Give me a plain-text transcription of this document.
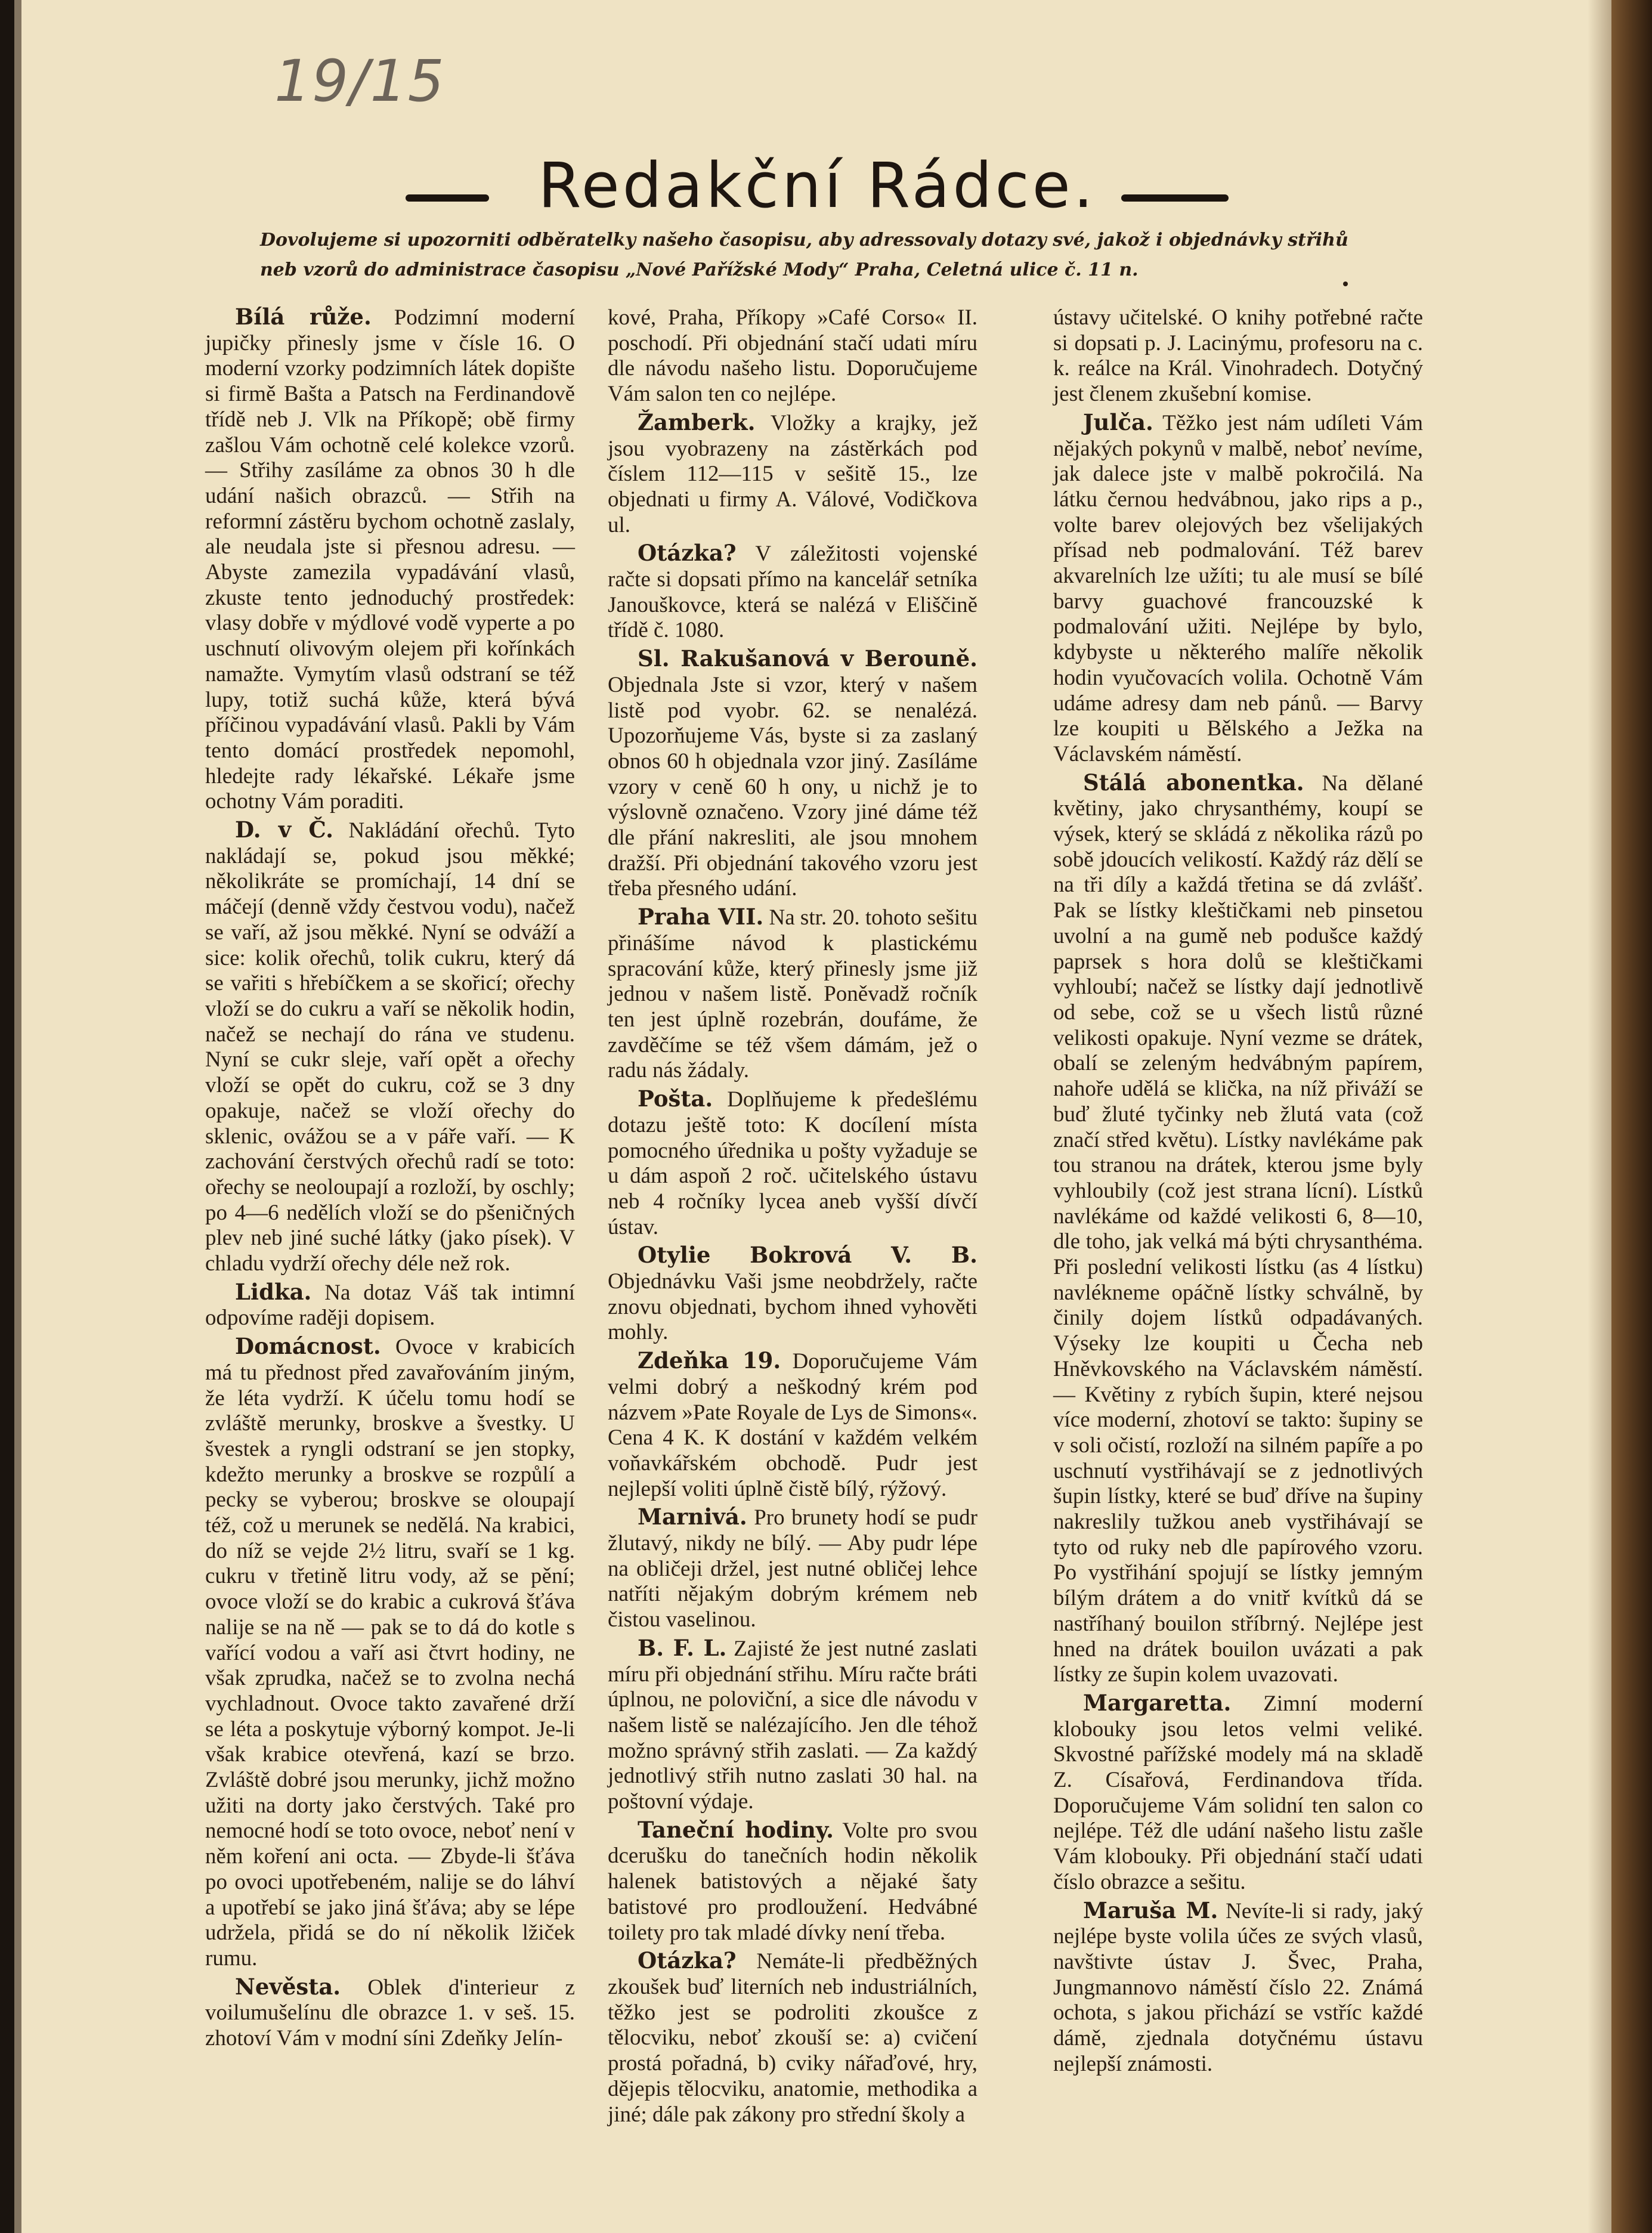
19/15
Redakční Rádce.

Dovolujeme si upozorniti odběratelky našeho časopisu, aby adressovaly dotazy své, jakož i objednávky střihů

neb vzorů do administrace časopisu „Nové Pařížské Mody“ Praha, Celetná ulice č. 11 n.

Bílá růže. Podzimní moderní jupičky přinesly jsme v čísle 16. O moderní vzorky podzimních látek dopište si firmě Bašta a Patsch na Ferdinandově třídě neb J. Vlk na Příkopě; obě firmy zašlou Vám ochotně celé kolekce vzorů. — Střihy zasíláme za obnos 30 h dle udání našich obrazců. — Střih na reformní zástěru bychom ochotně zaslaly, ale neudala jste si přesnou adresu. — Abyste zamezila vypadávání vlasů, zkuste tento jednoduchý prostředek: vlasy dobře v mýdlové vodě vyperte a po uschnutí olivovým olejem při kořínkách namažte. Vymytím vlasů odstraní se též lupy, totiž suchá kůže, která bývá příčinou vypadávání vlasů. Pakli by Vám tento domácí prostředek nepomohl, hledejte rady lékařské. Lékaře jsme ochotny Vám poraditi.

D. v Č. Nakládání ořechů. Tyto nakládají se, pokud jsou měkké; několikráte se promíchají, 14 dní se máčejí (denně vždy čestvou vodu), načež se vaří, až jsou měkké. Nyní se odváží a sice: kolik ořechů, tolik cukru, který dá se vařiti s hřebíčkem a se skořicí; ořechy vloží se do cukru a vaří se několik hodin, načež se nechají do rána ve studenu. Nyní se cukr sleje, vaří opět a ořechy vloží se opět do cukru, což se 3 dny opakuje, načež se vloží ořechy do sklenic, ovážou se a v páře vaří. — K zachování čerstvých ořechů radí se toto: ořechy se neoloupají a rozloží, by oschly; po 4—6 nedělích vloží se do pšeničných plev neb jiné suché látky (jako písek). V chladu vydrží ořechy déle než rok.

Lidka. Na dotaz Váš tak intimní odpovíme raději dopisem.

Domácnost. Ovoce v krabicích má tu přednost před zavařováním jiným, že léta vydrží. K účelu tomu hodí se zvláště merunky, broskve a švestky. U švestek a ryngli odstraní se jen stopky, kdežto merunky a broskve se rozpůlí a pecky se vyberou; broskve se oloupají též, což u merunek se nedělá. Na krabici, do níž se vejde 2½ litru, svaří se 1 kg. cukru v třetině litru vody, až se pění; ovoce vloží se do krabic a cukrová šťáva nalije se na ně — pak se to dá do kotle s vařící vodou a vaří asi čtvrt hodiny, ne však zprudka, načež se to zvolna nechá vychladnout. Ovoce takto zavařené drží se léta a poskytuje výborný kompot. Je-li však krabice otevřená, kazí se brzo. Zvláště dobré jsou merunky, jichž možno užiti na dorty jako čerstvých. Také pro nemocné hodí se toto ovoce, neboť není v něm koření ani octa. — Zbyde-li šťáva po ovoci upotřebeném, nalije se do láhví a upotřebí se jako jiná šťáva; aby se lépe udržela, přidá se do ní několik lžiček rumu.

Nevěsta. Oblek d'interieur z voilumušelínu dle obrazce 1. v seš. 15. zhotoví Vám v modní síni Zdeňky Jelín-

kové, Praha, Příkopy »Café Corso« II. poschodí. Při objednání stačí udati míru dle návodu našeho listu. Doporučujeme Vám salon ten co nejlépe.

Žamberk. Vložky a krajky, jež jsou vyobrazeny na zástěrkách pod číslem 112—115 v sešitě 15., lze objednati u firmy A. Válové, Vodičkova ul.

Otázka? V záležitosti vojenské račte si dopsati přímo na kancelář setníka Janouškovce, která se nalézá v Eliščině třídě č. 1080.

Sl. Rakušanová v Berouně. Objednala Jste si vzor, který v našem listě pod vyobr. 62. se nenalézá. Upozorňujeme Vás, byste si za zaslaný obnos 60 h objednala vzor jiný. Zasíláme vzory v ceně 60 h ony, u nichž je to výslovně označeno. Vzory jiné dáme též dle přání nakresliti, ale jsou mnohem dražší. Při objednání takového vzoru jest třeba přesného udání.

Praha VII. Na str. 20. tohoto sešitu přinášíme návod k plastickému spracování kůže, který přinesly jsme již jednou v našem listě. Poněvadž ročník ten jest úplně rozebrán, doufáme, že zavděčíme se též všem dámám, jež o radu nás žádaly.

Pošta. Doplňujeme k předešlému dotazu ještě toto: K docílení místa pomocného úřednika u pošty vyžaduje se u dám aspoň 2 roč. učitelského ústavu neb 4 ročníky lycea aneb vyšší dívčí ústav.

Otylie Bokrová V. B. Objednávku Vaši jsme neobdržely, račte znovu objednati, bychom ihned vyhověti mohly.

Zdeňka 19. Doporučujeme Vám velmi dobrý a neškodný krém pod názvem »Pate Royale de Lys de Simons«. Cena 4 K. K dostání v každém velkém voňavkářském obchodě. Pudr jest nejlepší voliti úplně čistě bílý, rýžový.

Marnivá. Pro brunety hodí se pudr žlutavý, nikdy ne bílý. — Aby pudr lépe na obličeji držel, jest nutné obličej lehce natříti nějakým dobrým krémem neb čistou vaselinou.

B. F. L. Zajisté že jest nutné zaslati míru při objednání střihu. Míru račte bráti úplnou, ne poloviční, a sice dle návodu v našem listě se nalézajícího. Jen dle téhož možno správný střih zaslati. — Za každý jednotlivý střih nutno zaslati 30 hal. na poštovní výdaje.

Taneční hodiny. Volte pro svou dcerušku do tanečních hodin několik halenek batistových a nějaké šaty batistové pro prodloužení. Hedvábné toilety pro tak mladé dívky není třeba.

Otázka? Nemáte-li předběžných zkoušek buď literních neb industriálních, těžko jest se podroliti zkoušce z tělocviku, neboť zkouší se: a) cvičení prostá pořadná, b) cviky nářaďové, hry, dějepis tělocviku, anatomie, methodika a jiné; dále pak zákony pro střední školy a

ústavy učitelské. O knihy potřebné račte si dopsati p. J. Lacinýmu, profesoru na c. k. reálce na Král. Vinohradech. Dotyčný jest členem zkušební komise.

Julča. Těžko jest nám udíleti Vám nějakých pokynů v malbě, neboť nevíme, jak dalece jste v malbě pokročilá. Na látku černou hedvábnou, jako rips a p., volte barev olejových bez všelijakých přísad neb podmalování. Též barev akvarelních lze užíti; tu ale musí se bílé barvy guachové francouzské k podmalování užiti. Nejlépe by bylo, kdybyste u některého malíře několik hodin vyučovacích volila. Ochotně Vám udáme adresy dam neb pánů. — Barvy lze koupiti u Bělského a Ježka na Václavském náměstí.

Stálá abonentka. Na dělané květiny, jako chrysanthémy, koupí se výsek, který se skládá z několika rázů po sobě jdoucích velikostí. Každý ráz dělí se na tři díly a každá třetina se dá zvlášť. Pak se lístky kleštičkami neb pinsetou uvolní a na gumě neb podušce každý paprsek s hora dolů se kleštičkami vyhloubí; načež se lístky dají jednotlivě od sebe, což se u všech listů různé velikosti opakuje. Nyní vezme se drátek, obalí se zeleným hedvábným papírem, nahoře udělá se klička, na níž přiváží se buď žluté tyčinky neb žlutá vata (což značí střed květu). Lístky navlékáme pak tou stranou na drátek, kterou jsme byly vyhloubily (což jest strana lícní). Lístků navlékáme od každé velikosti 6, 8—10, dle toho, jak velká má býti chrysanthéma. Při poslední velikosti lístku (as 4 lístku) navlékneme opáčně lístky schválně, by činily dojem lístků odpadávaných. Výseky lze koupiti u Čecha neb Hněvkovského na Václavském náměstí. — Květiny z rybích šupin, které nejsou více moderní, zhotoví se takto: šupiny se v soli očistí, rozloží na silném papíře a po uschnutí vystřihávají se z jednotlivých šupin lístky, které se buď dříve na šupiny nakreslily tužkou aneb vystřihávají se tyto od ruky neb dle papírového vzoru. Po vystřihání spojují se lístky jemným bílým drátem a do vnitř kvítků dá se nastříhaný bouilon stříbrný. Nejlépe jest hned na drátek bouilon uvázati a pak lístky ze šupin kolem uvazovati.

Margaretta. Zimní moderní klobouky jsou letos velmi veliké. Skvostné pařížské modely má na skladě Z. Císařová, Ferdinandova třída. Doporučujeme Vám solidní ten salon co nejlépe. Též dle udání našeho listu zašle Vám klobouky. Při objednání stačí udati číslo obrazce a sešitu.

Maruša M. Nevíte-li si rady, jaký nejlépe byste volila účes ze svých vlasů, navštivte ústav J. Švec, Praha, Jungmannovo náměstí číslo 22. Známá ochota, s jakou přichází se vstříc každé dámě, zjednala dotyčnému ústavu nejlepší známosti.
